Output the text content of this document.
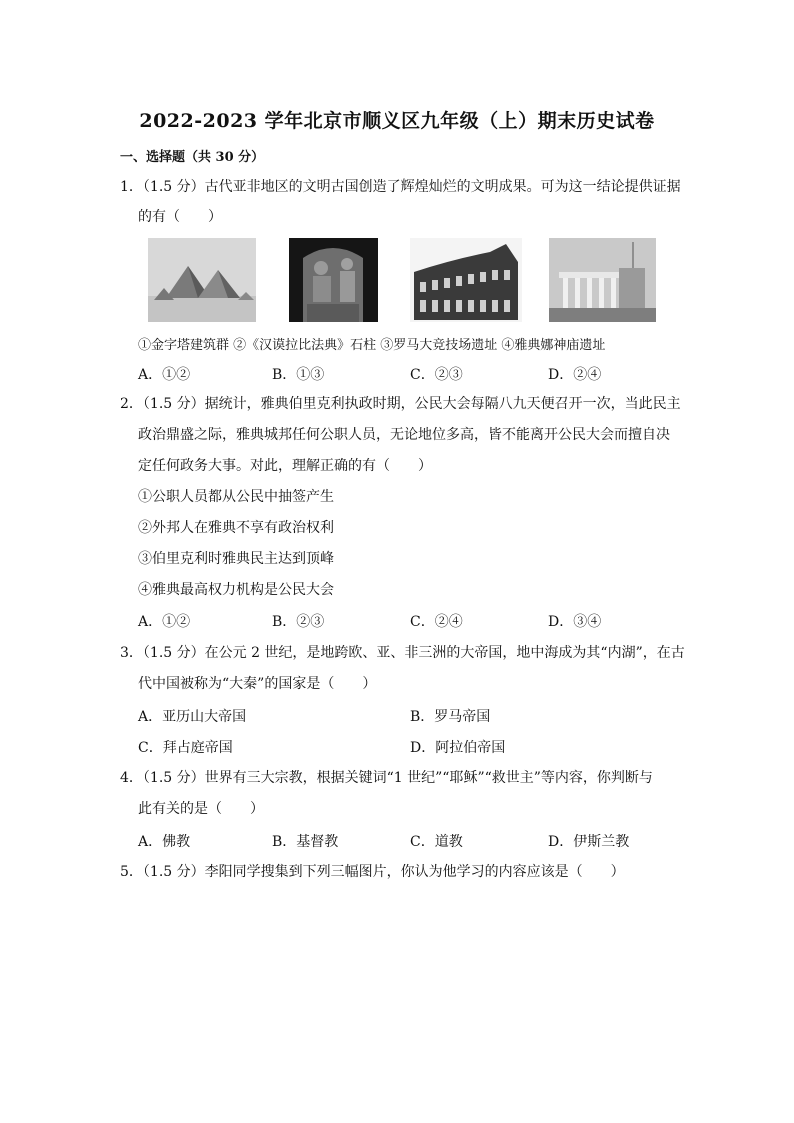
2022-2023 学年北京市顺义区九年级（上）期末历史试卷
一、选择题（共 30 分）
1．（1.5 分）古代亚非地区的文明古国创造了辉煌灿烂的文明成果。可为这一结论提供证据
的有（　　）
①金字塔建筑群 ②《汉谟拉比法典》石柱 ③罗马大竞技场遗址 ④雅典娜神庙遗址
A．①②	B．①③	C．②③	D．②④
2．（1.5 分）据统计，雅典伯里克利执政时期，公民大会每隔八九天便召开一次，当此民主
政治鼎盛之际，雅典城邦任何公职人员，无论地位多高，皆不能离开公民大会而擅自决
定任何政务大事。对此，理解正确的有（　　）
①公职人员都从公民中抽签产生
②外邦人在雅典不享有政治权利
③伯里克利时雅典民主达到顶峰
④雅典最高权力机构是公民大会
A．①②	B．②③	C．②④	D．③④
3．（1.5 分）在公元 2 世纪，是地跨欧、亚、非三洲的大帝国，地中海成为其“内湖”，在古
代中国被称为“大秦”的国家是（　　）
A．亚历山大帝国	B．罗马帝国
C．拜占庭帝国	D．阿拉伯帝国
4．（1.5 分）世界有三大宗教，根据关键词“1 世纪”“耶稣”“救世主”等内容，你判断与
此有关的是（　　）
A．佛教	B．基督教	C．道教	D．伊斯兰教
5．（1.5 分）李阳同学搜集到下列三幅图片，你认为他学习的内容应该是（　　）
